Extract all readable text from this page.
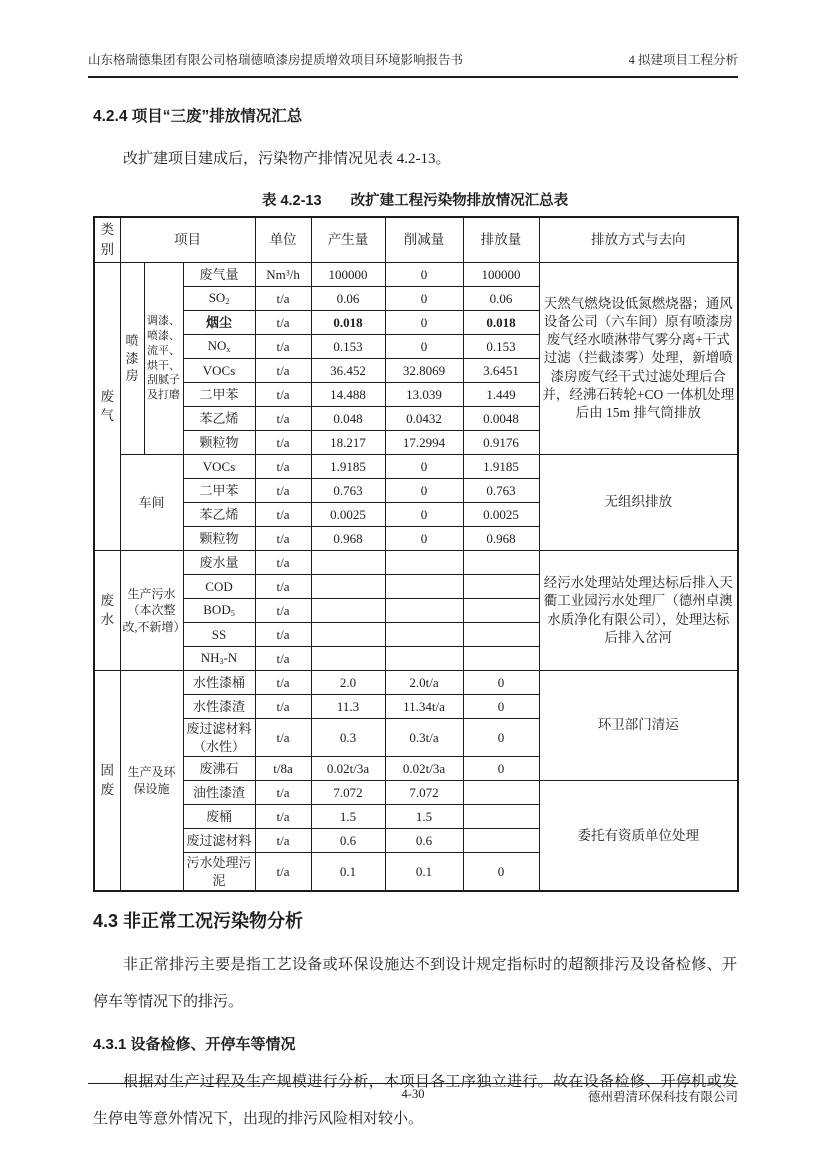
山东格瑞德集团有限公司格瑞德喷漆房提质增效项目环境影响报告书	4 拟建项目工程分析
4.2.4 项目“三废”排放情况汇总
改扩建项目建成后，污染物产排情况见表 4.2-13。
表 4.2-13　　改扩建工程污染物排放情况汇总表
类别	项目			单位	产生量	削减量	排放量	排放方式与去向
废气	喷漆房	调漆、喷漆、流平、烘干、刮腻子及打磨	废气量	Nm$^3$/h	100000	0	100000	天然气燃烧设低氮燃烧器；通风设备公司（六车间）原有喷漆房废气经水喷淋带气雾分离+干式过滤（拦截漆雾）处理，新增喷漆房废气经干式过滤处理后合并，经沸石转轮+CO 一体机处理后由 15m 排气筒排放
			$SO_2$	t/a	0.06	0	0.06	
			烟尘	t/a	0.018	0	0.018	
			$NO_x$	t/a	0.153	0	0.153	
			VOCs	t/a	36.452	32.8069	3.6451	
			二甲苯	t/a	14.488	13.039	1.449	
			苯乙烯	t/a	0.048	0.0432	0.0048	
			颗粒物	t/a	18.217	17.2994	0.9176	
	车间		VOCs	t/a	1.9185	0	1.9185	无组织排放
			二甲苯	t/a	0.763	0	0.763	
			苯乙烯	t/a	0.0025	0	0.0025	
			颗粒物	t/a	0.968	0	0.968	
废水	生产污水（本次整改,不新增）		废水量	t/a				经污水处理站处理达标后排入天衢工业园污水处理厂（德州卓澳水质净化有限公司），处理达标后排入岔河
			COD	t/a				
			$BOD_5$	t/a				
			SS	t/a				
			$NH_3-N$	t/a				
固废	生产及环保设施		水性漆桶	t/a	2.0	2.0t/a	0	环卫部门清运
			水性漆渣	t/a	11.3	11.34t/a	0	
			废过滤材料（水性）	t/a	0.3	0.3t/a	0	
			废沸石	t/8a	0.02t/3a	0.02t/3a	0	
			油性漆渣	t/a	7.072	7.072		委托有资质单位处理
			废桶	t/a	1.5	1.5		
			废过滤材料	t/a	0.6	0.6		
			污水处理污泥	t/a	0.1	0.1	0	
4.3 非正常工况污染物分析
非正常排污主要是指工艺设备或环保设施达不到设计规定指标时的超额排污及设备检修、开停车等情况下的排污。
4.3.1 设备检修、开停车等情况
根据对生产过程及生产规模进行分析，本项目各工序独立进行。故在设备检修、开停机或发生停电等意外情况下，出现的排污风险相对较小。
4-30	德州碧清环保科技有限公司
